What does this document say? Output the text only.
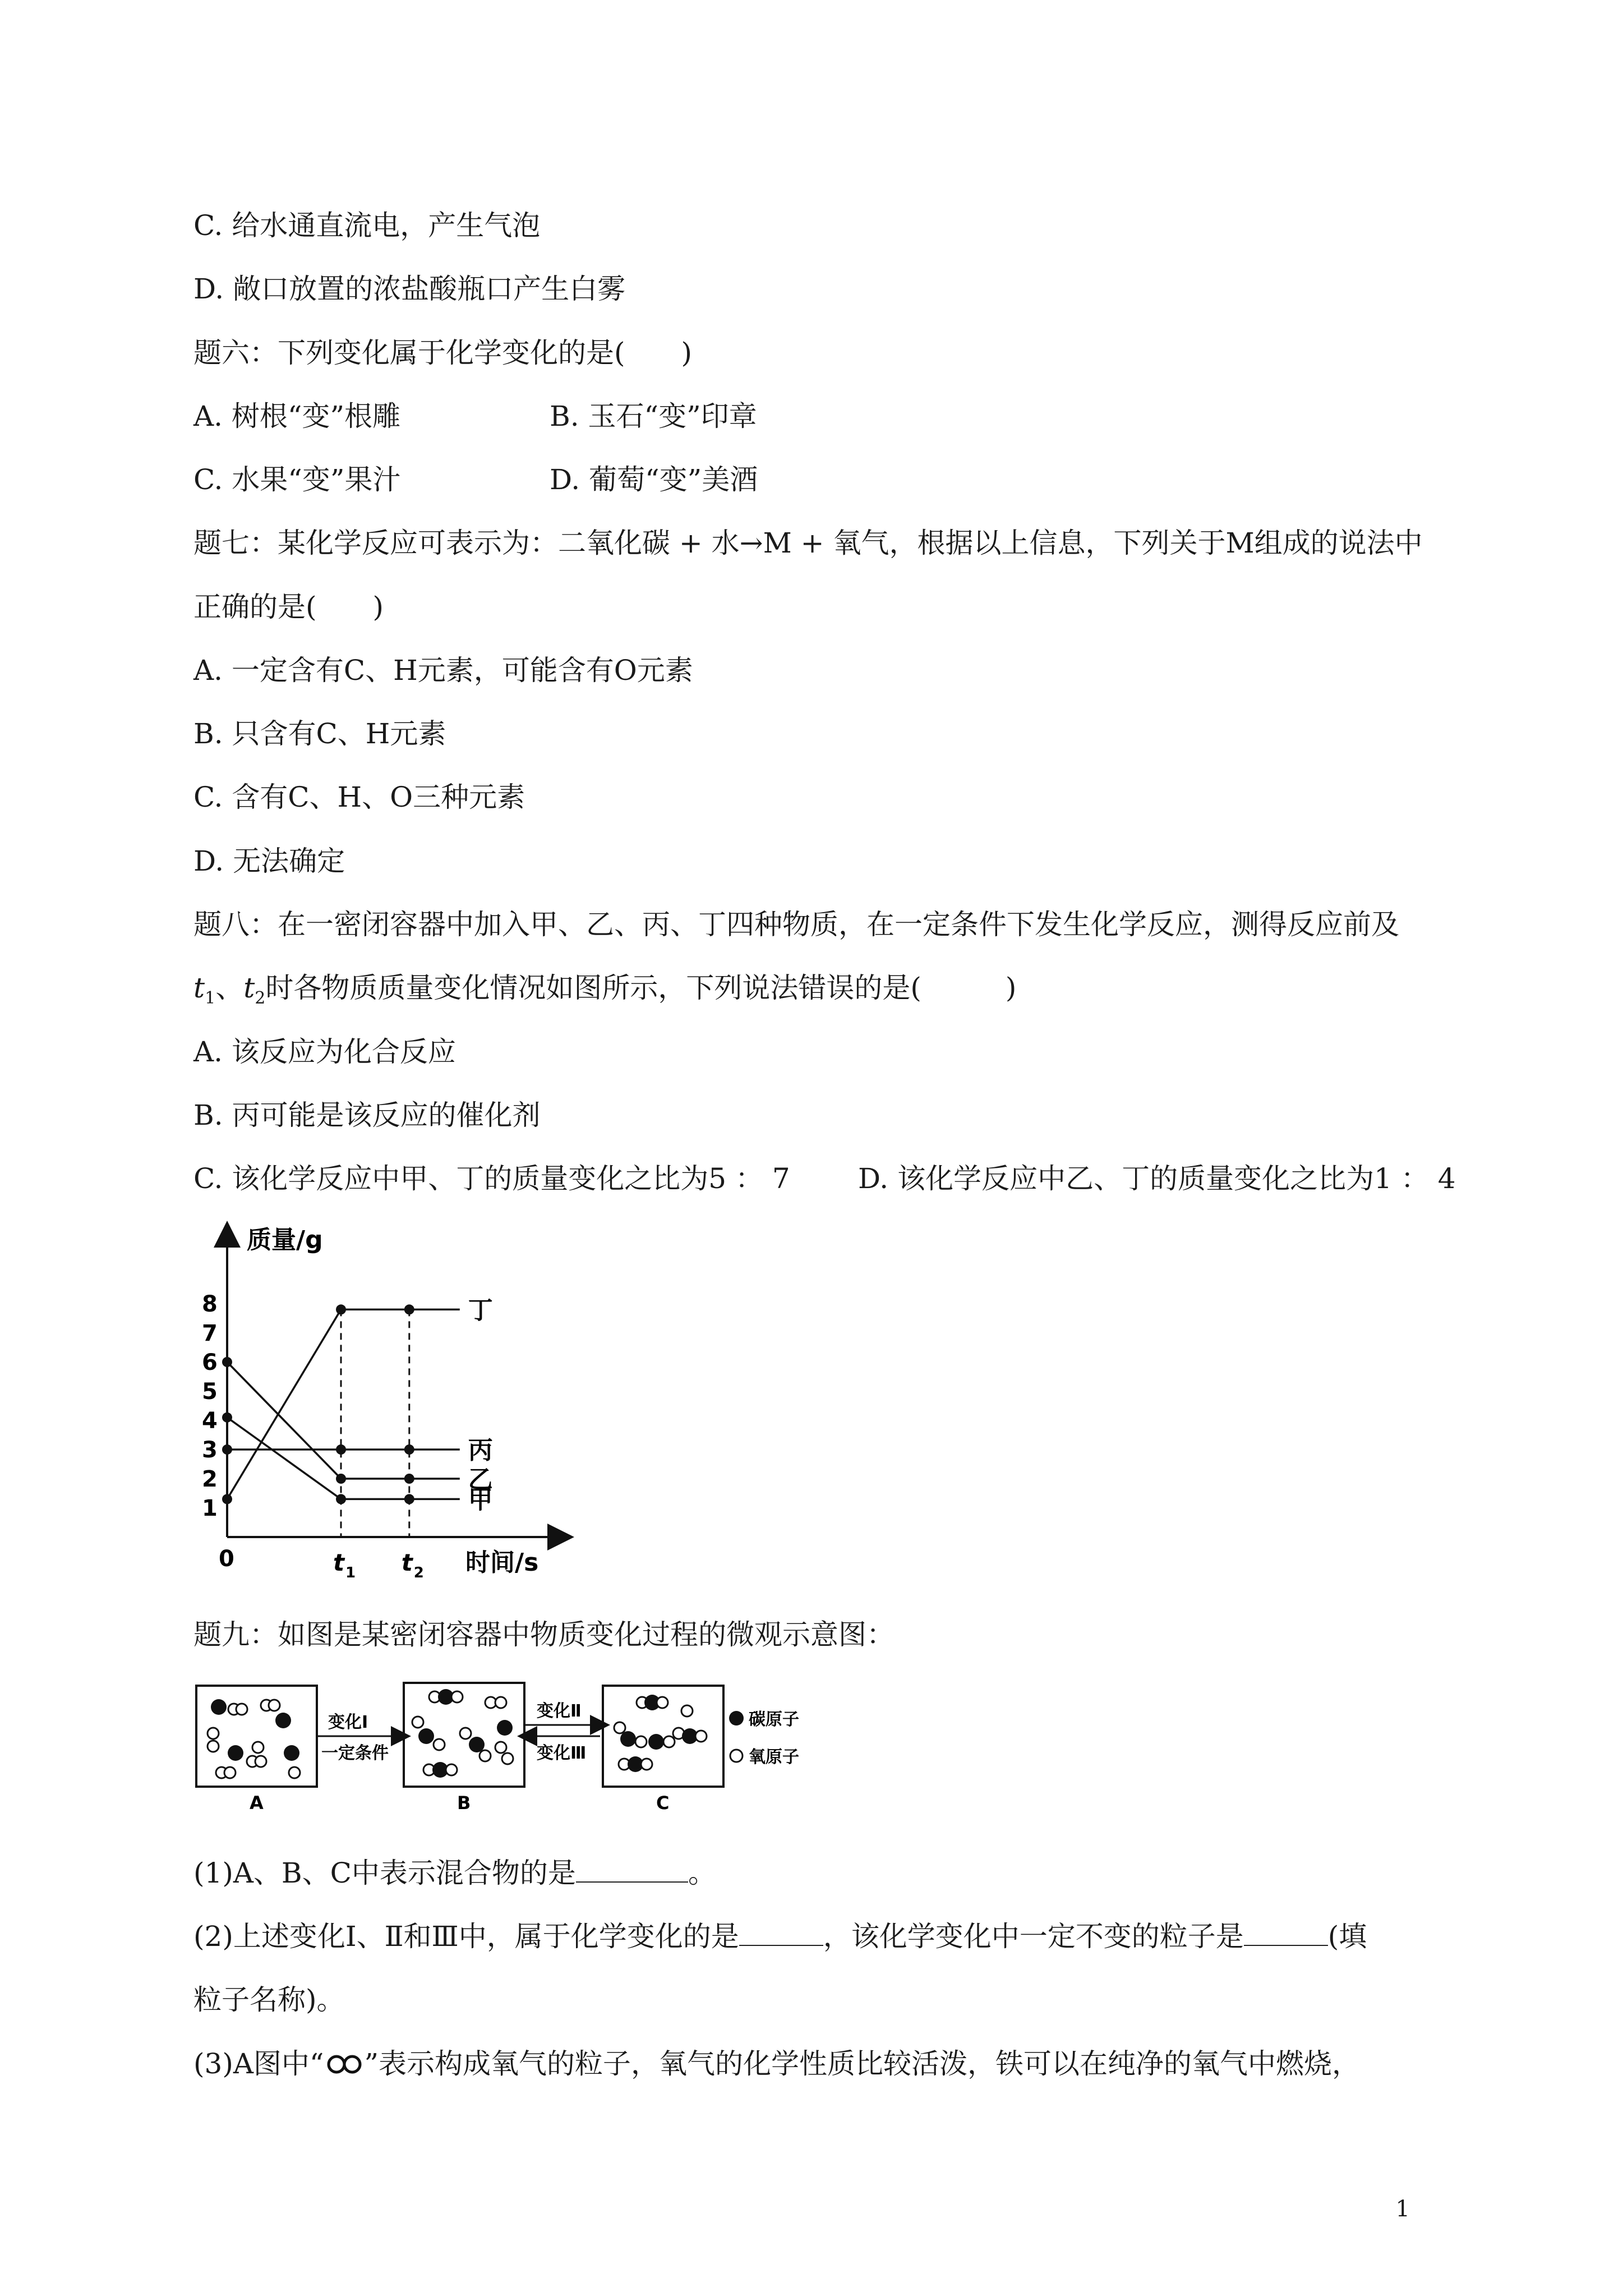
C. 给水通直流电，产生气泡
D. 敞口放置的浓盐酸瓶口产生白雾
题六：下列变化属于化学变化的是(　　)
A. 树根“变”根雕	B. 玉石“变”印章
C. 水果“变”果汁	D. 葡萄“变”美酒
题七：某化学反应可表示为：二氧化碳 + 水→M + 氧气，根据以上信息，下列关于M组成的说法中
正确的是(　　)
A. 一定含有C、H元素，可能含有O元素
B. 只含有C、H元素
C. 含有C、H、O三种元素
D. 无法确定
题八：在一密闭容器中加入甲、乙、丙、丁四种物质，在一定条件下发生化学反应，测得反应前及
$t_1$、$t_2$时各物质质量变化情况如图所示，下列说法错误的是(　　　)
A. 该反应为化合反应
B. 丙可能是该反应的催化剂
C. 该化学反应中甲、丁的质量变化之比为5 ： 7 D. 该化学反应中乙、丁的质量变化之比为1 ： 4
质量/g
时间/s
0
1
2
3
4
5
6
7
8
t 1 t 2
丁
丙
乙
甲
题九：如图是某密闭容器中物质变化过程的微观示意图：
A
变化Ⅰ
一定条件
B
变化Ⅱ
变化Ⅲ
C
碳原子
氧原子
(1)A、B、C中表示混合物的是	。
(2)上述变化Ⅰ、Ⅱ和Ⅲ中，属于化学变化的是	，该化学变化中一定不变的粒子是	(填
粒子名称)。
(3)A图中“ ”表示构成氧气的粒子，氧气的化学性质比较活泼，铁可以在纯净的氧气中燃烧，
1
